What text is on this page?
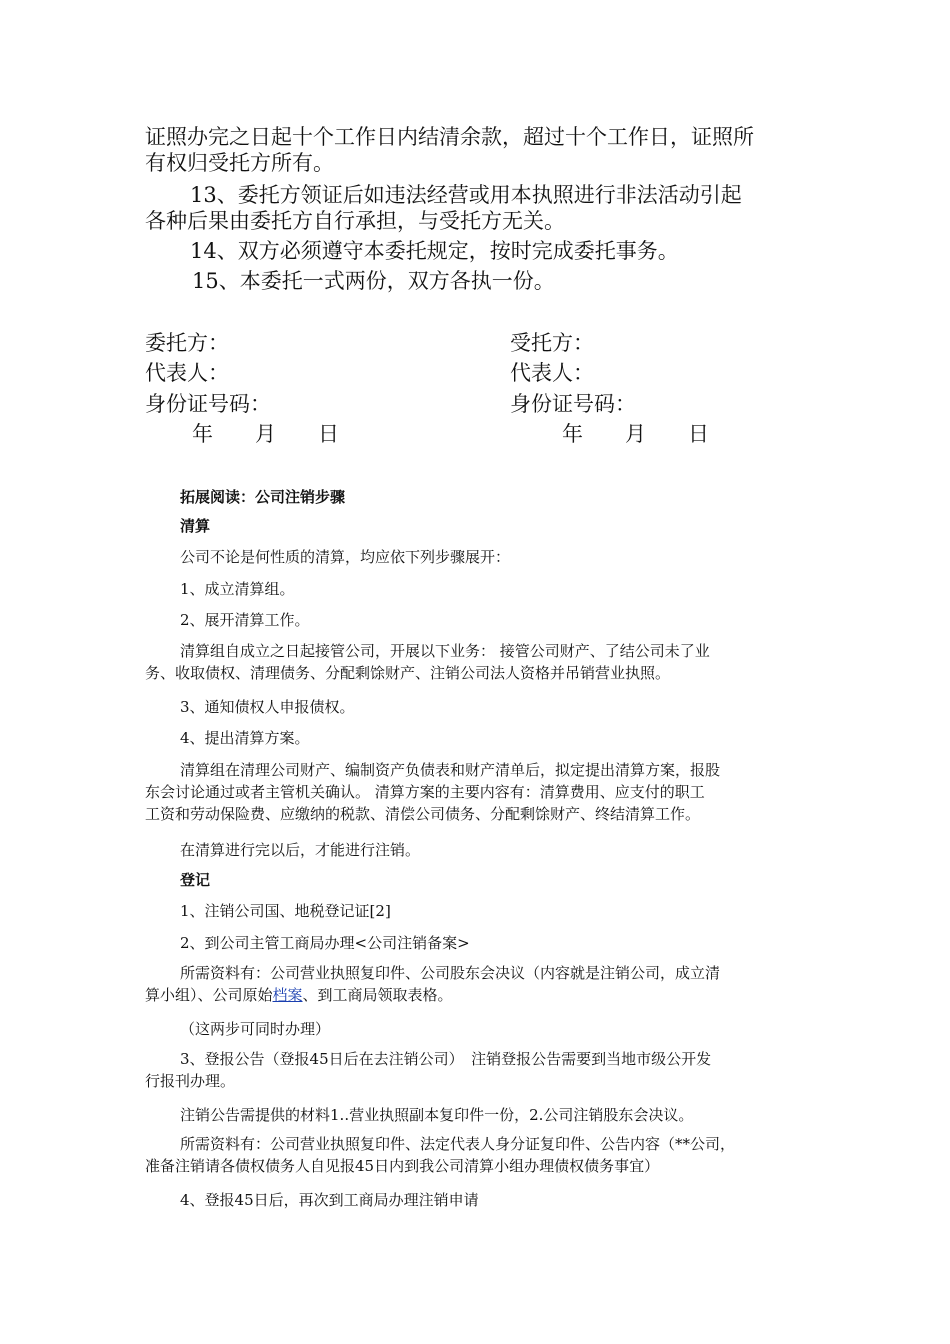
证照办完之日起十个工作日内结清余款，超过十个工作日，证照所

有权归受托方所有。

13、委托方领证后如违法经营或用本执照进行非法活动引起

各种后果由委托方自行承担，与受托方无关。

14、双方必须遵守本委托规定，按时完成委托事务。

15、本委托一式两份，双方各执一份。

委托方：

代表人：

身份证号码：

年　　月　　日

受托方：

代表人：

身份证号码：

年　　月　　日

拓展阅读：公司注销步骤

清算

公司不论是何性质的清算，均应依下列步骤展开：

1、成立清算组。

2、展开清算工作。

清算组自成立之日起接管公司，开展以下业务： 接管公司财产、了结公司未了业
务、收取债权、清理债务、分配剩馀财产、注销公司法人资格并吊销营业执照。

3、通知债权人申报债权。

4、提出清算方案。

清算组在清理公司财产、编制资产负债表和财产清单后，拟定提出清算方案，报股
东会讨论通过或者主管机关确认。 清算方案的主要内容有：清算费用、应支付的职工
工资和劳动保险费、应缴纳的税款、清偿公司债务、分配剩馀财产、终结清算工作。

在清算进行完以后，才能进行注销。

登记

1、注销公司国、地税登记证[2]

2、到公司主管工商局办理<公司注销备案>

所需资料有：公司营业执照复印件、公司股东会决议（内容就是注销公司，成立清
算小组）、公司原始档案、到工商局领取表格。

（这两步可同时办理）

3、登报公告（登报45日后在去注销公司）　注销登报公告需要到当地市级公开发
行报刊办理。

注销公告需提供的材料1..营业执照副本复印件一份，2.公司注销股东会决议。

所需资料有：公司营业执照复印件、法定代表人身分证复印件、公告内容（**公司，
准备注销请各债权债务人自见报45日内到我公司清算小组办理债权债务事宜）

4、登报45日后，再次到工商局办理注销申请
